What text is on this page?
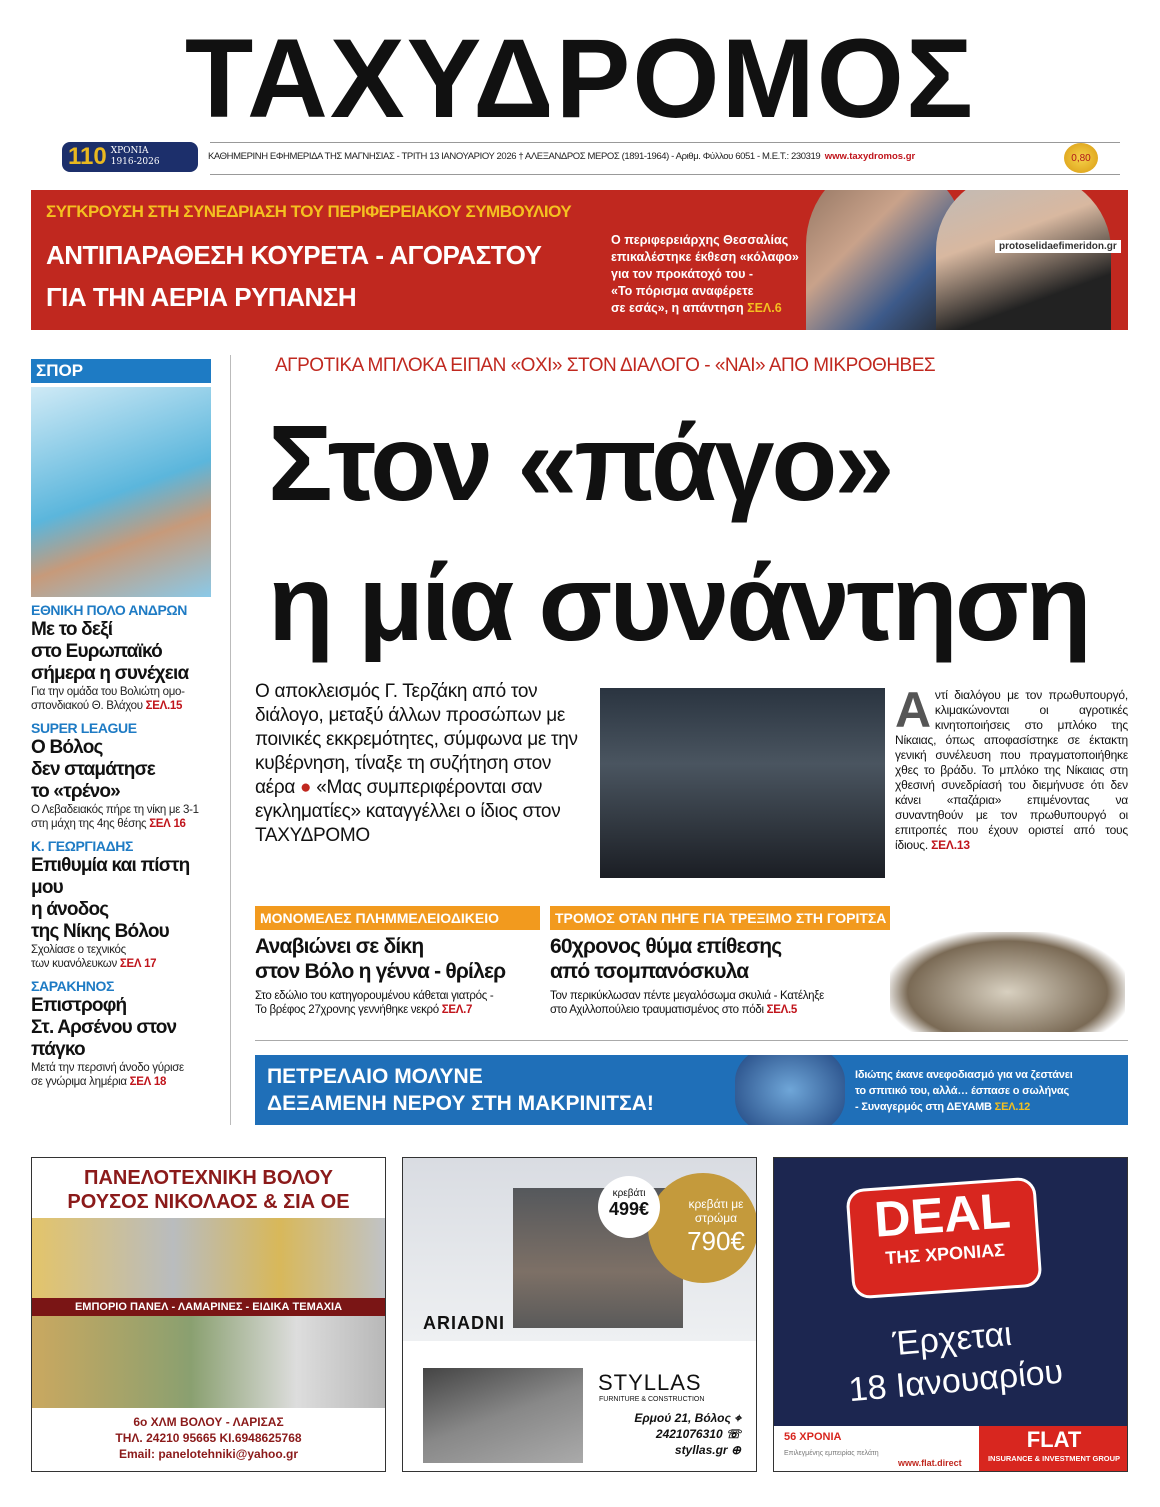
ΤΑΧΥΔΡΟΜΟΣ
110 ΧΡΟΝΙΑ
1916-2026	ΚΑΘΗΜΕΡΙΝΗ ΕΦΗΜΕΡΙΔΑ ΤΗΣ ΜΑΓΝΗΣΙΑΣ - ΤΡΙΤΗ 13 ΙΑΝΟΥΑΡΙΟΥ 2026 † ΑΛΕΞΑΝΔΡΟΣ ΜΕΡΟΣ (1891-1964) - Αριθμ. Φύλλου 6051 - Μ.Ε.Τ.: 230319 www.taxydromos.gr	0,80
ΣΥΓΚΡΟΥΣΗ ΣΤΗ ΣΥΝΕΔΡΙΑΣΗ ΤΟΥ ΠΕΡΙΦΕΡΕΙΑΚΟΥ ΣΥΜΒΟΥΛΙΟΥ
ΑΝΤΙΠΑΡΑΘΕΣΗ ΚΟΥΡΕΤΑ - ΑΓΟΡΑΣΤΟΥ
ΓΙΑ ΤΗΝ ΑΕΡΙΑ ΡΥΠΑΝΣΗ
Ο περιφερειάρχης Θεσσαλίας
επικαλέστηκε έκθεση «κόλαφο»
για τον προκάτοχό του -
«Το πόρισμα αναφέρετε
σε εσάς», η απάντηση ΣΕΛ.6
protoselidaefimeridon.gr
ΣΠΟΡ
ΕΘΝΙΚΗ ΠΟΛΟ ΑΝΔΡΩΝ
Με το δεξί
στο Ευρωπαϊκό
σήμερα η συνέχεια
Για την ομάδα του Βολιώτη ομο-
σπονδιακού Θ. Βλάχου ΣΕΛ.15
SUPER LEAGUE
Ο Βόλος
δεν σταμάτησε
το «τρένο»
Ο Λεβαδειακός πήρε τη νίκη με 3-1
στη μάχη της 4ης θέσης ΣΕΛ 16
Κ. ΓΕΩΡΓΙΑΔΗΣ
Επιθυμία και πίστη μου
η άνοδος
της Νίκης Βόλου
Σχολίασε ο τεχνικός
των κυανόλευκων ΣΕΛ 17
ΣΑΡΑΚΗΝΟΣ
Επιστροφή
Στ. Αρσένου στον πάγκο
Μετά την περσινή άνοδο γύρισε
σε γνώριμα λημέρια ΣΕΛ 18
ΑΓΡΟΤΙΚΑ ΜΠΛΟΚΑ ΕΙΠΑΝ «ΟΧΙ» ΣΤΟΝ ΔΙΑΛΟΓΟ - «ΝΑΙ» ΑΠΟ ΜΙΚΡΟΘΗΒΕΣ
Στον «πάγο»
η μία συνάντηση
Ο αποκλεισμός Γ. Τερζάκη από τον διάλογο, μεταξύ άλλων προσώπων με ποινικές εκκρεμότητες, σύμφωνα με την κυβέρνηση, τίναξε τη συζήτηση στον αέρα ● «Μας συμπεριφέρονται σαν εγκληματίες» καταγγέλλει ο ίδιος στον ΤΑΧΥΔΡΟΜΟ
Αντί διαλόγου με τον πρωθυπουργό, κλιμακώνονται οι αγροτικές κινητοποιήσεις στο μπλόκο της Νίκαιας, όπως αποφασίστηκε σε έκτακτη γενική συνέλευση που πραγματοποιήθηκε χθες το βράδυ. Το μπλόκο της Νίκαιας στη χθεσινή συνεδρίασή του διεμήνυσε ότι δεν κάνει «παζάρια» επιμένοντας να συναντηθούν με τον πρωθυπουργό οι επιτροπές που έχουν οριστεί από τους ίδιους. ΣΕΛ.13
ΜΟΝΟΜΕΛΕΣ ΠΛΗΜΜΕΛΕΙΟΔΙΚΕΙΟ
Αναβιώνει σε δίκη
στον Βόλο η γέννα - θρίλερ
Στο εδώλιο του κατηγορουμένου κάθεται γιατρός -
Το βρέφος 27χρονης γεννήθηκε νεκρό ΣΕΛ.7
ΤΡΟΜΟΣ ΟΤΑΝ ΠΗΓΕ ΓΙΑ ΤΡΕΞΙΜΟ ΣΤΗ ΓΟΡΙΤΣΑ
60χρονος θύμα επίθεσης
από τσομπανόσκυλα
Τον περικύκλωσαν πέντε μεγαλόσωμα σκυλιά - Κατέληξε
στο Αχιλλοπούλειο τραυματισμένος στο πόδι ΣΕΛ.5
ΠΕΤΡΕΛΑΙΟ ΜΟΛΥΝΕ
ΔΕΞΑΜΕΝΗ ΝΕΡΟΥ ΣΤΗ ΜΑΚΡΙΝΙΤΣΑ!
Ιδιώτης έκανε ανεφοδιασμό για να ζεστάνει
το σπιτικό του, αλλά… έσπασε ο σωλήνας
- Συναγερμός στη ΔΕΥΑΜΒ ΣΕΛ.12
ΠΑΝΕΛΟΤΕΧΝΙΚΗ ΒΟΛΟΥ
ΡΟΥΣΟΣ ΝΙΚΟΛΑΟΣ & ΣΙΑ ΟΕ
ΕΜΠΟΡΙΟ ΠΑΝΕΛ - ΛΑΜΑΡΙΝΕΣ - ΕΙΔΙΚΑ ΤΕΜΑΧΙΑ
6ο ΧΛΜ ΒΟΛΟΥ - ΛΑΡΙΣΑΣ
ΤΗΛ. 24210 95665 ΚΙ.6948625768
Email: panelotehniki@yahoo.gr
κρεβάτι με στρώμα
790€
κρεβάτι
499€
ARIADNI
STYLLAS
FURNITURE & CONSTRUCTION
Ερμού 21, Βόλος ⌖
2421076310 ☏
styllas.gr ⊕
DEAL
ΤΗΣ ΧΡΟΝΙΑΣ
Έρχεται
18 Ιανουαρίου
56 ΧΡΟΝΙΑ
Επιλεγμένης εμπειρίας πελάτη
www.flat.direct
FLAT
INSURANCE & INVESTMENT GROUP
